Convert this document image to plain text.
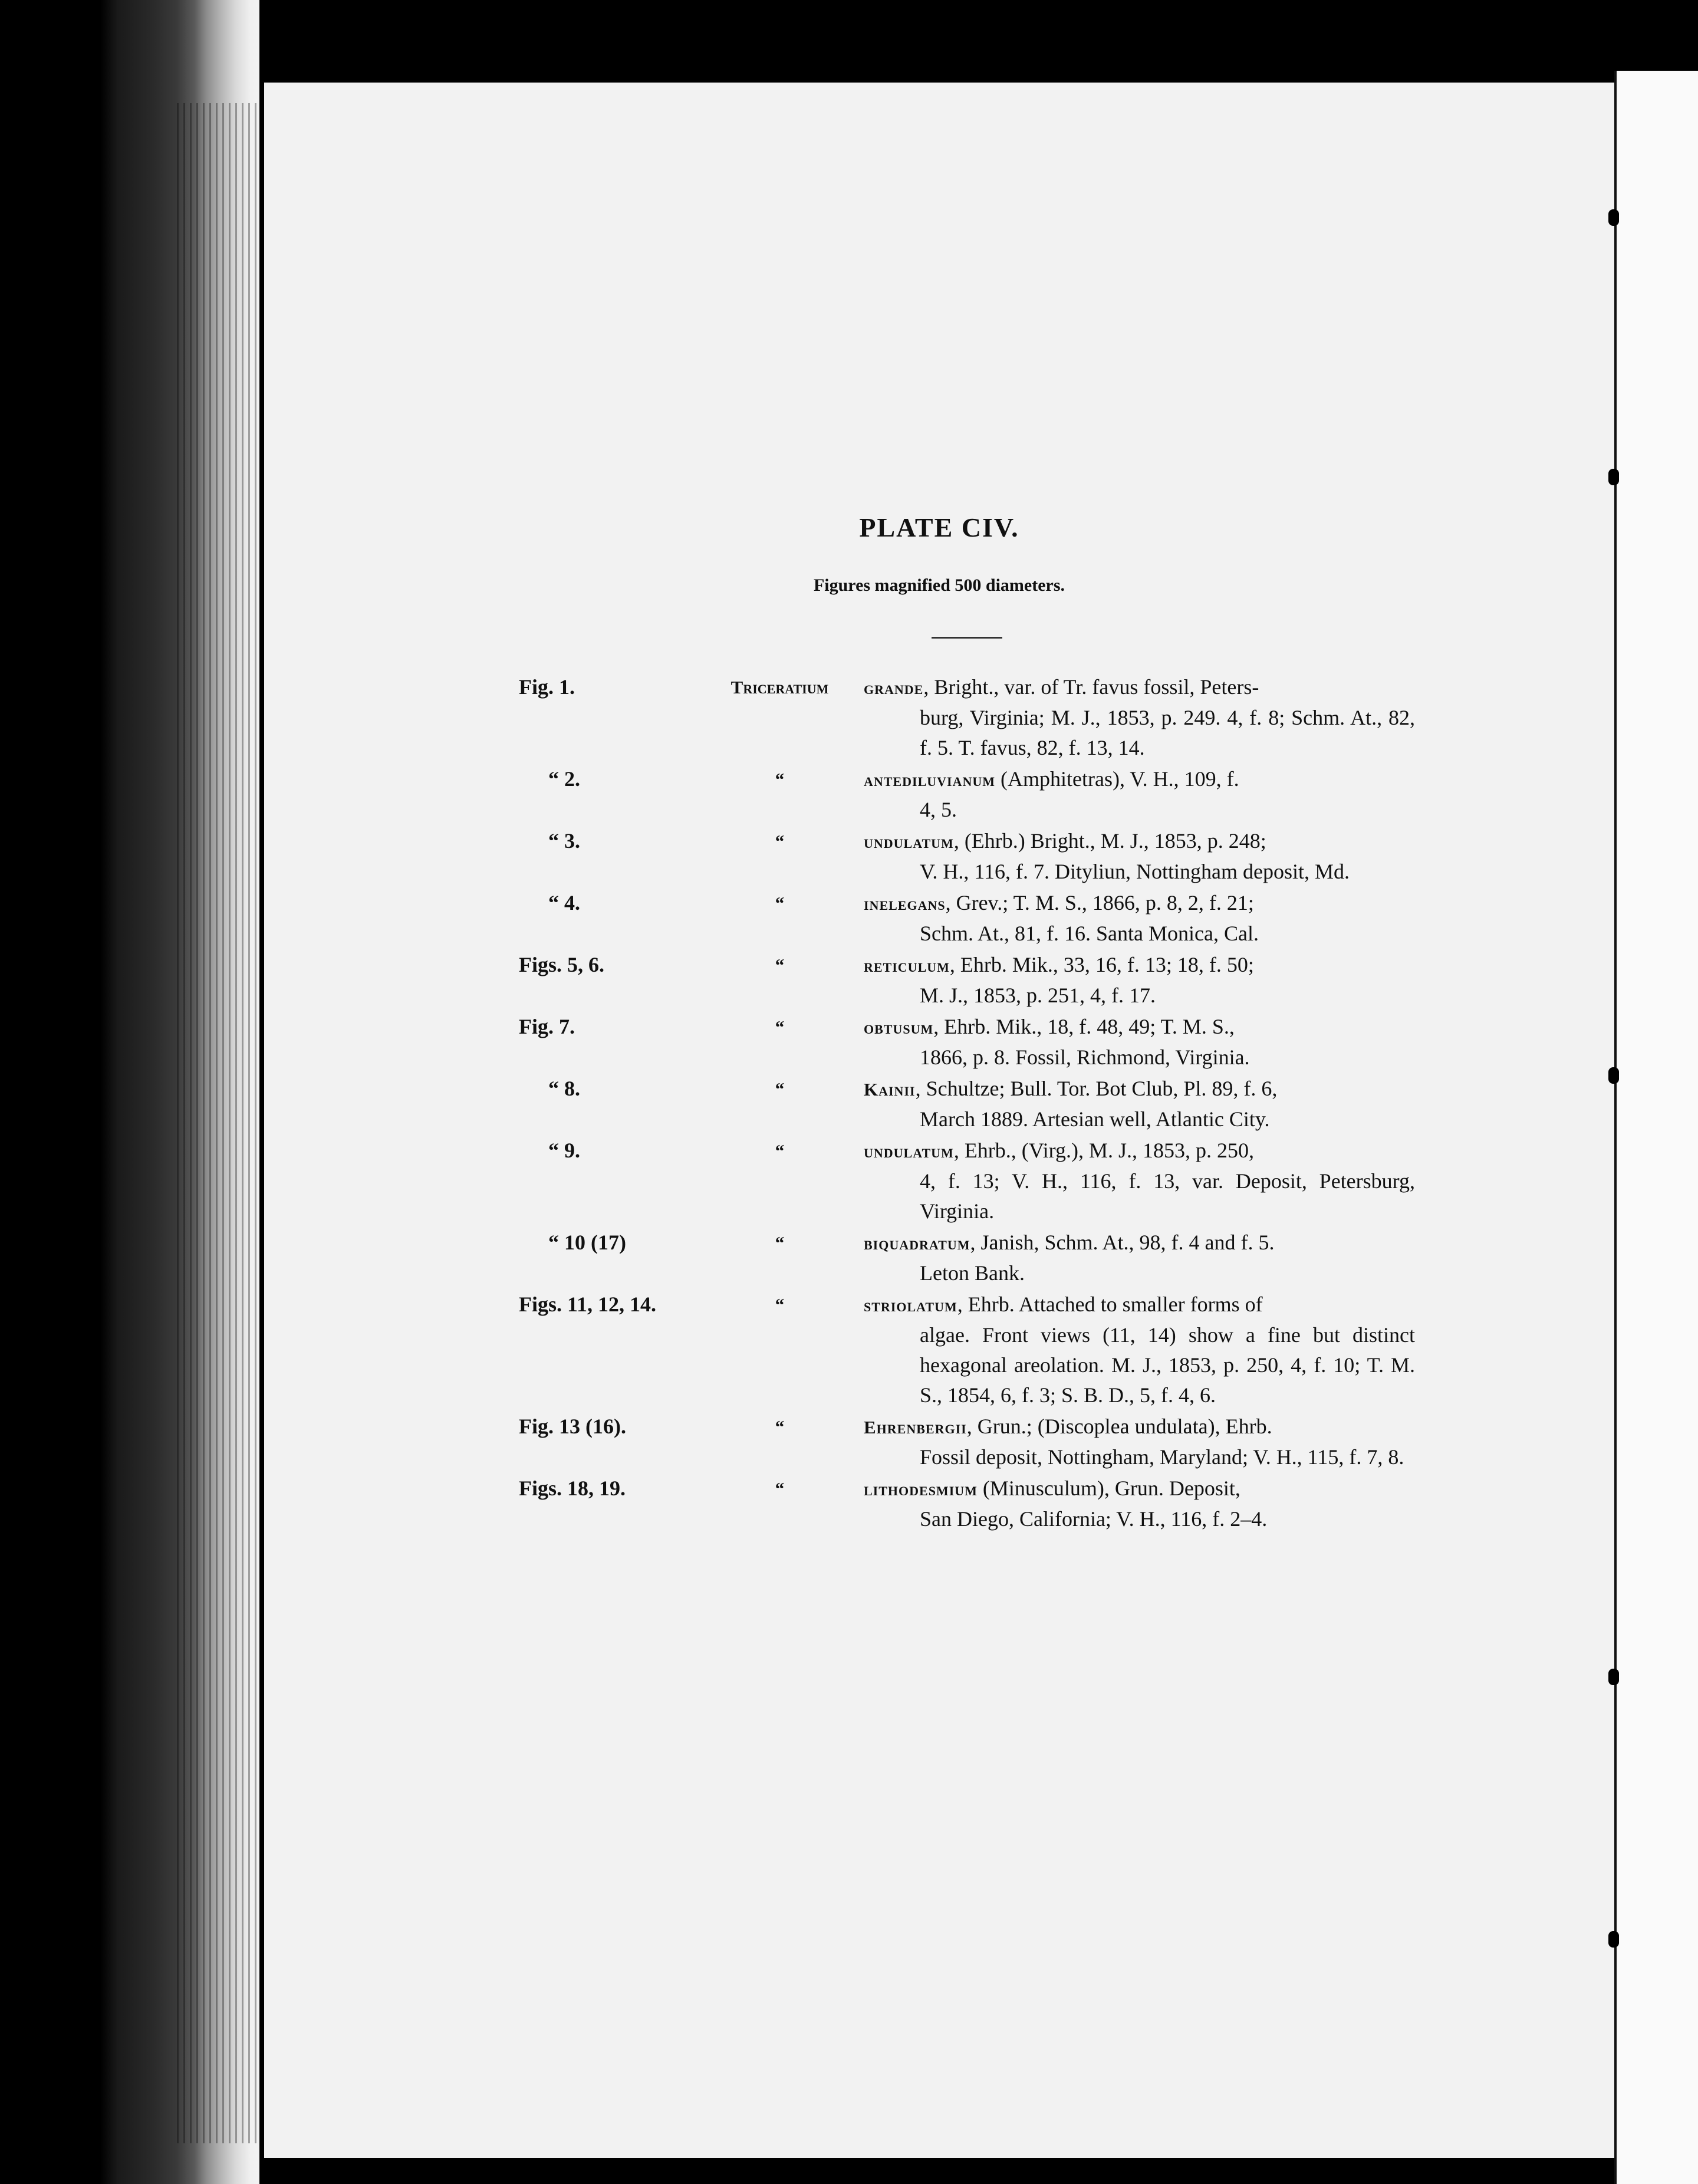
PLATE CIV.
Figures magnified 500 diameters.
Fig. 1.	Triceratium	grande, Bright., var. of Tr. favus fossil, Peters-
burg, Virginia; M. J., 1853, p. 249. 4, f. 8; Schm. At., 82, f. 5. T. favus, 82, f. 13, 14.
“ 2.	“	antediluvianum (Amphitetras), V. H., 109, f.
4, 5.
“ 3.	“	undulatum, (Ehrb.) Bright., M. J., 1853, p. 248;
V. H., 116, f. 7. Dityliun, Nottingham deposit, Md.
“ 4.	“	inelegans, Grev.; T. M. S., 1866, p. 8, 2, f. 21;
Schm. At., 81, f. 16. Santa Monica, Cal.
Figs. 5, 6.	“	reticulum, Ehrb. Mik., 33, 16, f. 13; 18, f. 50;
M. J., 1853, p. 251, 4, f. 17.
Fig. 7.	“	obtusum, Ehrb. Mik., 18, f. 48, 49; T. M. S.,
1866, p. 8. Fossil, Richmond, Virginia.
“ 8.	“	Kainii, Schultze; Bull. Tor. Bot Club, Pl. 89, f. 6,
March 1889. Artesian well, Atlantic City.
“ 9.	“	undulatum, Ehrb., (Virg.), M. J., 1853, p. 250,
4, f. 13; V. H., 116, f. 13, var. Deposit, Petersburg, Virginia.
“ 10 (17)	“	biquadratum, Janish, Schm. At., 98, f. 4 and f. 5.
Leton Bank.
Figs. 11, 12, 14.	“	striolatum, Ehrb. Attached to smaller forms of
algae. Front views (11, 14) show a fine but distinct hexagonal areolation. M. J., 1853, p. 250, 4, f. 10; T. M. S., 1854, 6, f. 3; S. B. D., 5, f. 4, 6.
Fig. 13 (16).	“	Ehrenbergii, Grun.; (Discoplea undulata), Ehrb.
Fossil deposit, Nottingham, Maryland; V. H., 115, f. 7, 8.
Figs. 18, 19.	“	lithodesmium (Minusculum), Grun. Deposit,
San Diego, California; V. H., 116, f. 2–4.
